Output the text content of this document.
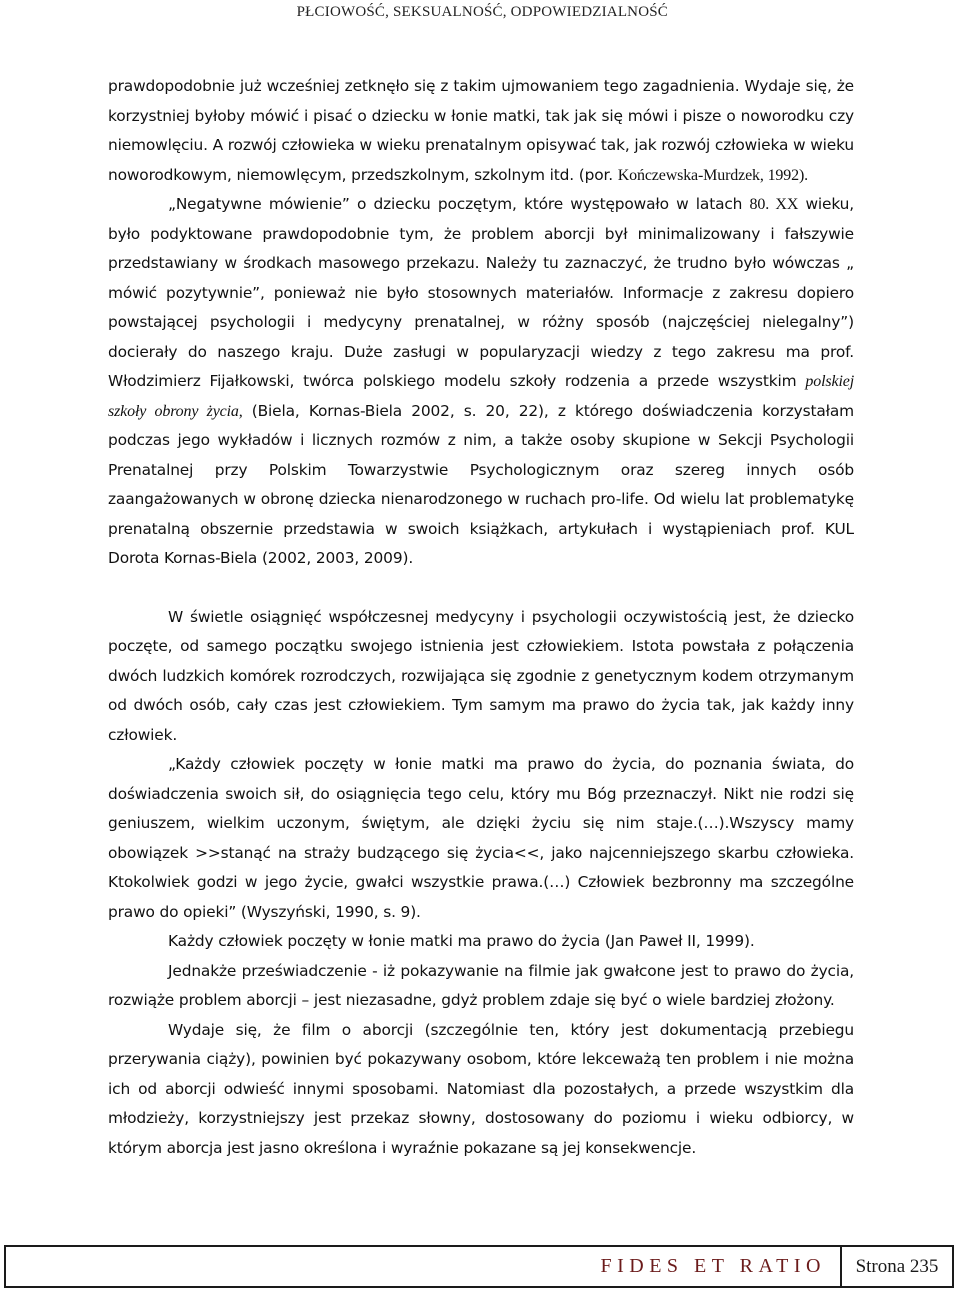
PŁCIOWOŚĆ, SEKSUALNOŚĆ, ODPOWIEDZIALNOŚĆ

prawdopodobnie już wcześniej zetknęło się z takim ujmowaniem tego zagadnienia. Wydaje się, że korzystniej byłoby mówić i pisać o dziecku w łonie matki, tak jak się mówi i pisze o noworodku czy niemowlęciu. A rozwój człowieka w wieku prenatalnym opisywać tak, jak rozwój człowieka w wieku noworodkowym, niemowlęcym, przedszkolnym, szkolnym itd. (por. Kończewska-Murdzek, 1992).

„Negatywne mówienie” o dziecku poczętym, które występowało w latach 80. XX wieku, było podyktowane prawdopodobnie tym, że problem aborcji był minimalizowany i fałszywie przedstawiany w środkach masowego przekazu. Należy tu zaznaczyć, że trudno było wówczas „ mówić pozytywnie”, ponieważ nie było stosownych materiałów. Informacje z zakresu dopiero powstającej psychologii i medycyny prenatalnej, w różny sposób (najczęściej nielegalny”) docierały do naszego kraju. Duże zasługi w popularyzacji wiedzy z tego zakresu ma prof. Włodzimierz Fijałkowski, twórca polskiego modelu szkoły rodzenia a przede wszystkim polskiej szkoły obrony życia, (Biela, Kornas-Biela 2002, s. 20, 22), z którego doświadczenia korzystałam podczas jego wykładów i licznych rozmów z nim, a także osoby skupione w Sekcji Psychologii Prenatalnej przy Polskim Towarzystwie Psychologicznym oraz szereg innych osób zaangażowanych w obronę dziecka nienarodzonego w ruchach pro-life. Od wielu lat problematykę prenatalną obszernie przedstawia w swoich książkach, artykułach i wystąpieniach prof. KUL Dorota Kornas-Biela (2002, 2003, 2009).

W świetle osiągnięć współczesnej medycyny i psychologii oczywistością jest, że dziecko poczęte, od samego początku swojego istnienia jest człowiekiem. Istota powstała z połączenia dwóch ludzkich komórek rozrodczych, rozwijająca się zgodnie z genetycznym kodem otrzymanym od dwóch osób, cały czas jest człowiekiem. Tym samym ma prawo do życia tak, jak każdy inny człowiek.

„Każdy człowiek poczęty w łonie matki ma prawo do życia, do poznania świata, do doświadczenia swoich sił, do osiągnięcia tego celu, który mu Bóg przeznaczył. Nikt nie rodzi się geniuszem, wielkim uczonym, świętym, ale dzięki życiu się nim staje.(…).Wszyscy mamy obowiązek >>stanąć na straży budzącego się życia<<, jako najcenniejszego skarbu człowieka. Ktokolwiek godzi w jego życie, gwałci wszystkie prawa.(…) Człowiek bezbronny ma szczególne prawo do opieki” (Wyszyński, 1990, s. 9).

Każdy człowiek poczęty w łonie matki ma prawo do życia (Jan Paweł II, 1999).

Jednakże przeświadczenie - iż pokazywanie na filmie jak gwałcone jest to prawo do życia, rozwiąże problem aborcji – jest niezasadne, gdyż problem zdaje się być o wiele bardziej złożony.

Wydaje się, że film o aborcji (szczególnie ten, który jest dokumentacją przebiegu przerywania ciąży), powinien być pokazywany osobom, które lekceważą ten problem i nie można ich od aborcji odwieść innymi sposobami. Natomiast dla pozostałych, a przede wszystkim dla młodzieży, korzystniejszy jest przekaz słowny, dostosowany do poziomu i wieku odbiorcy, w którym aborcja jest jasno określona i wyraźnie pokazane są jej konsekwencje.

FIDES ET RATIO	Strona 235
